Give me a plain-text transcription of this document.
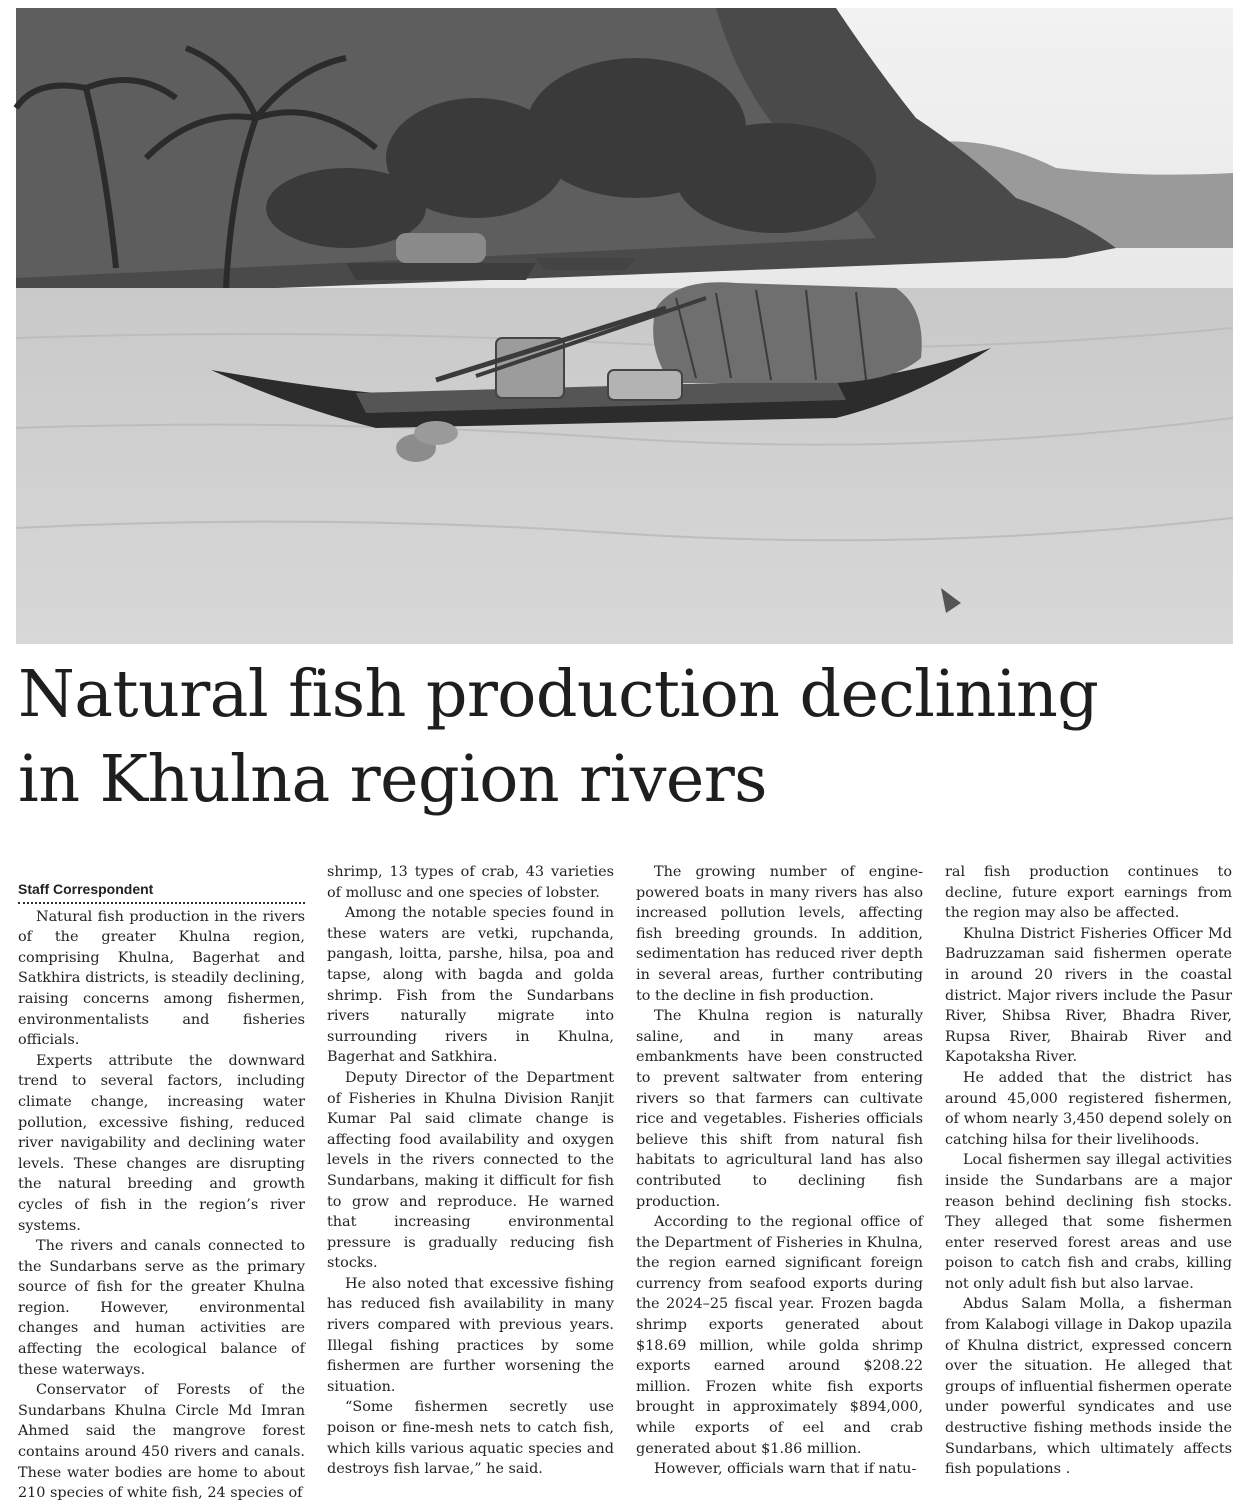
Natural fish production declining
in Khulna region rivers
Staff Correspondent

Natural fish production in the rivers of the greater Khulna region, comprising Khulna, Bagerhat and Satkhira districts, is steadily declining, raising concerns among fishermen, environmentalists and fisheries officials.

Experts attribute the downward trend to several factors, including climate change, increasing water pollution, excessive fishing, reduced river navigability and declining water levels. These changes are disrupting the natural breeding and growth cycles of fish in the region’s river systems.

The rivers and canals connected to the Sundarbans serve as the primary source of fish for the greater Khulna region. However, environmental changes and human activities are affecting the ecological balance of these waterways.

Conservator of Forests of the Sundarbans Khulna Circle Md Imran Ahmed said the mangrove forest contains around 450 rivers and canals. These water bodies are home to about 210 species of white fish, 24 species of

shrimp, 13 types of crab, 43 varieties of mollusc and one species of lobster.

Among the notable species found in these waters are vetki, rupchanda, pangash, loitta, parshe, hilsa, poa and tapse, along with bagda and golda shrimp. Fish from the Sundarbans rivers naturally migrate into surrounding rivers in Khulna, Bagerhat and Satkhira.

Deputy Director of the Department of Fisheries in Khulna Division Ranjit Kumar Pal said climate change is affecting food availability and oxygen levels in the rivers connected to the Sundarbans, making it difficult for fish to grow and reproduce. He warned that increasing environmental pressure is gradually reducing fish stocks.

He also noted that excessive fishing has reduced fish availability in many rivers compared with previous years. Illegal fishing practices by some fishermen are further worsening the situation.

“Some fishermen secretly use poison or fine-mesh nets to catch fish, which kills various aquatic species and destroys fish larvae,” he said.

The growing number of engine-powered boats in many rivers has also increased pollution levels, affecting fish breeding grounds. In addition, sedimentation has reduced river depth in several areas, further contributing to the decline in fish production.

The Khulna region is naturally saline, and in many areas embankments have been constructed to prevent saltwater from entering rivers so that farmers can cultivate rice and vegetables. Fisheries officials believe this shift from natural fish habitats to agricultural land has also contributed to declining fish production.

According to the regional office of the Department of Fisheries in Khulna, the region earned significant foreign currency from seafood exports during the 2024–25 fiscal year. Frozen bagda shrimp exports generated about $18.69 million, while golda shrimp exports earned around $208.22 million. Frozen white fish exports brought in approximately $894,000, while exports of eel and crab generated about $1.86 million.

However, officials warn that if natu-

ral fish production continues to decline, future export earnings from the region may also be affected.

Khulna District Fisheries Officer Md Badruzzaman said fishermen operate in around 20 rivers in the coastal district. Major rivers include the Pasur River, Shibsa River, Bhadra River, Rupsa River, Bhairab River and Kapotaksha River.

He added that the district has around 45,000 registered fishermen, of whom nearly 3,450 depend solely on catching hilsa for their livelihoods.

Local fishermen say illegal activities inside the Sundarbans are a major reason behind declining fish stocks. They alleged that some fishermen enter reserved forest areas and use poison to catch fish and crabs, killing not only adult fish but also larvae.

Abdus Salam Molla, a fisherman from Kalabogi village in Dakop upazila of Khulna district, expressed concern over the situation. He alleged that groups of influential fishermen operate under powerful syndicates and use destructive fishing methods inside the Sundarbans, which ultimately affects fish populations .
